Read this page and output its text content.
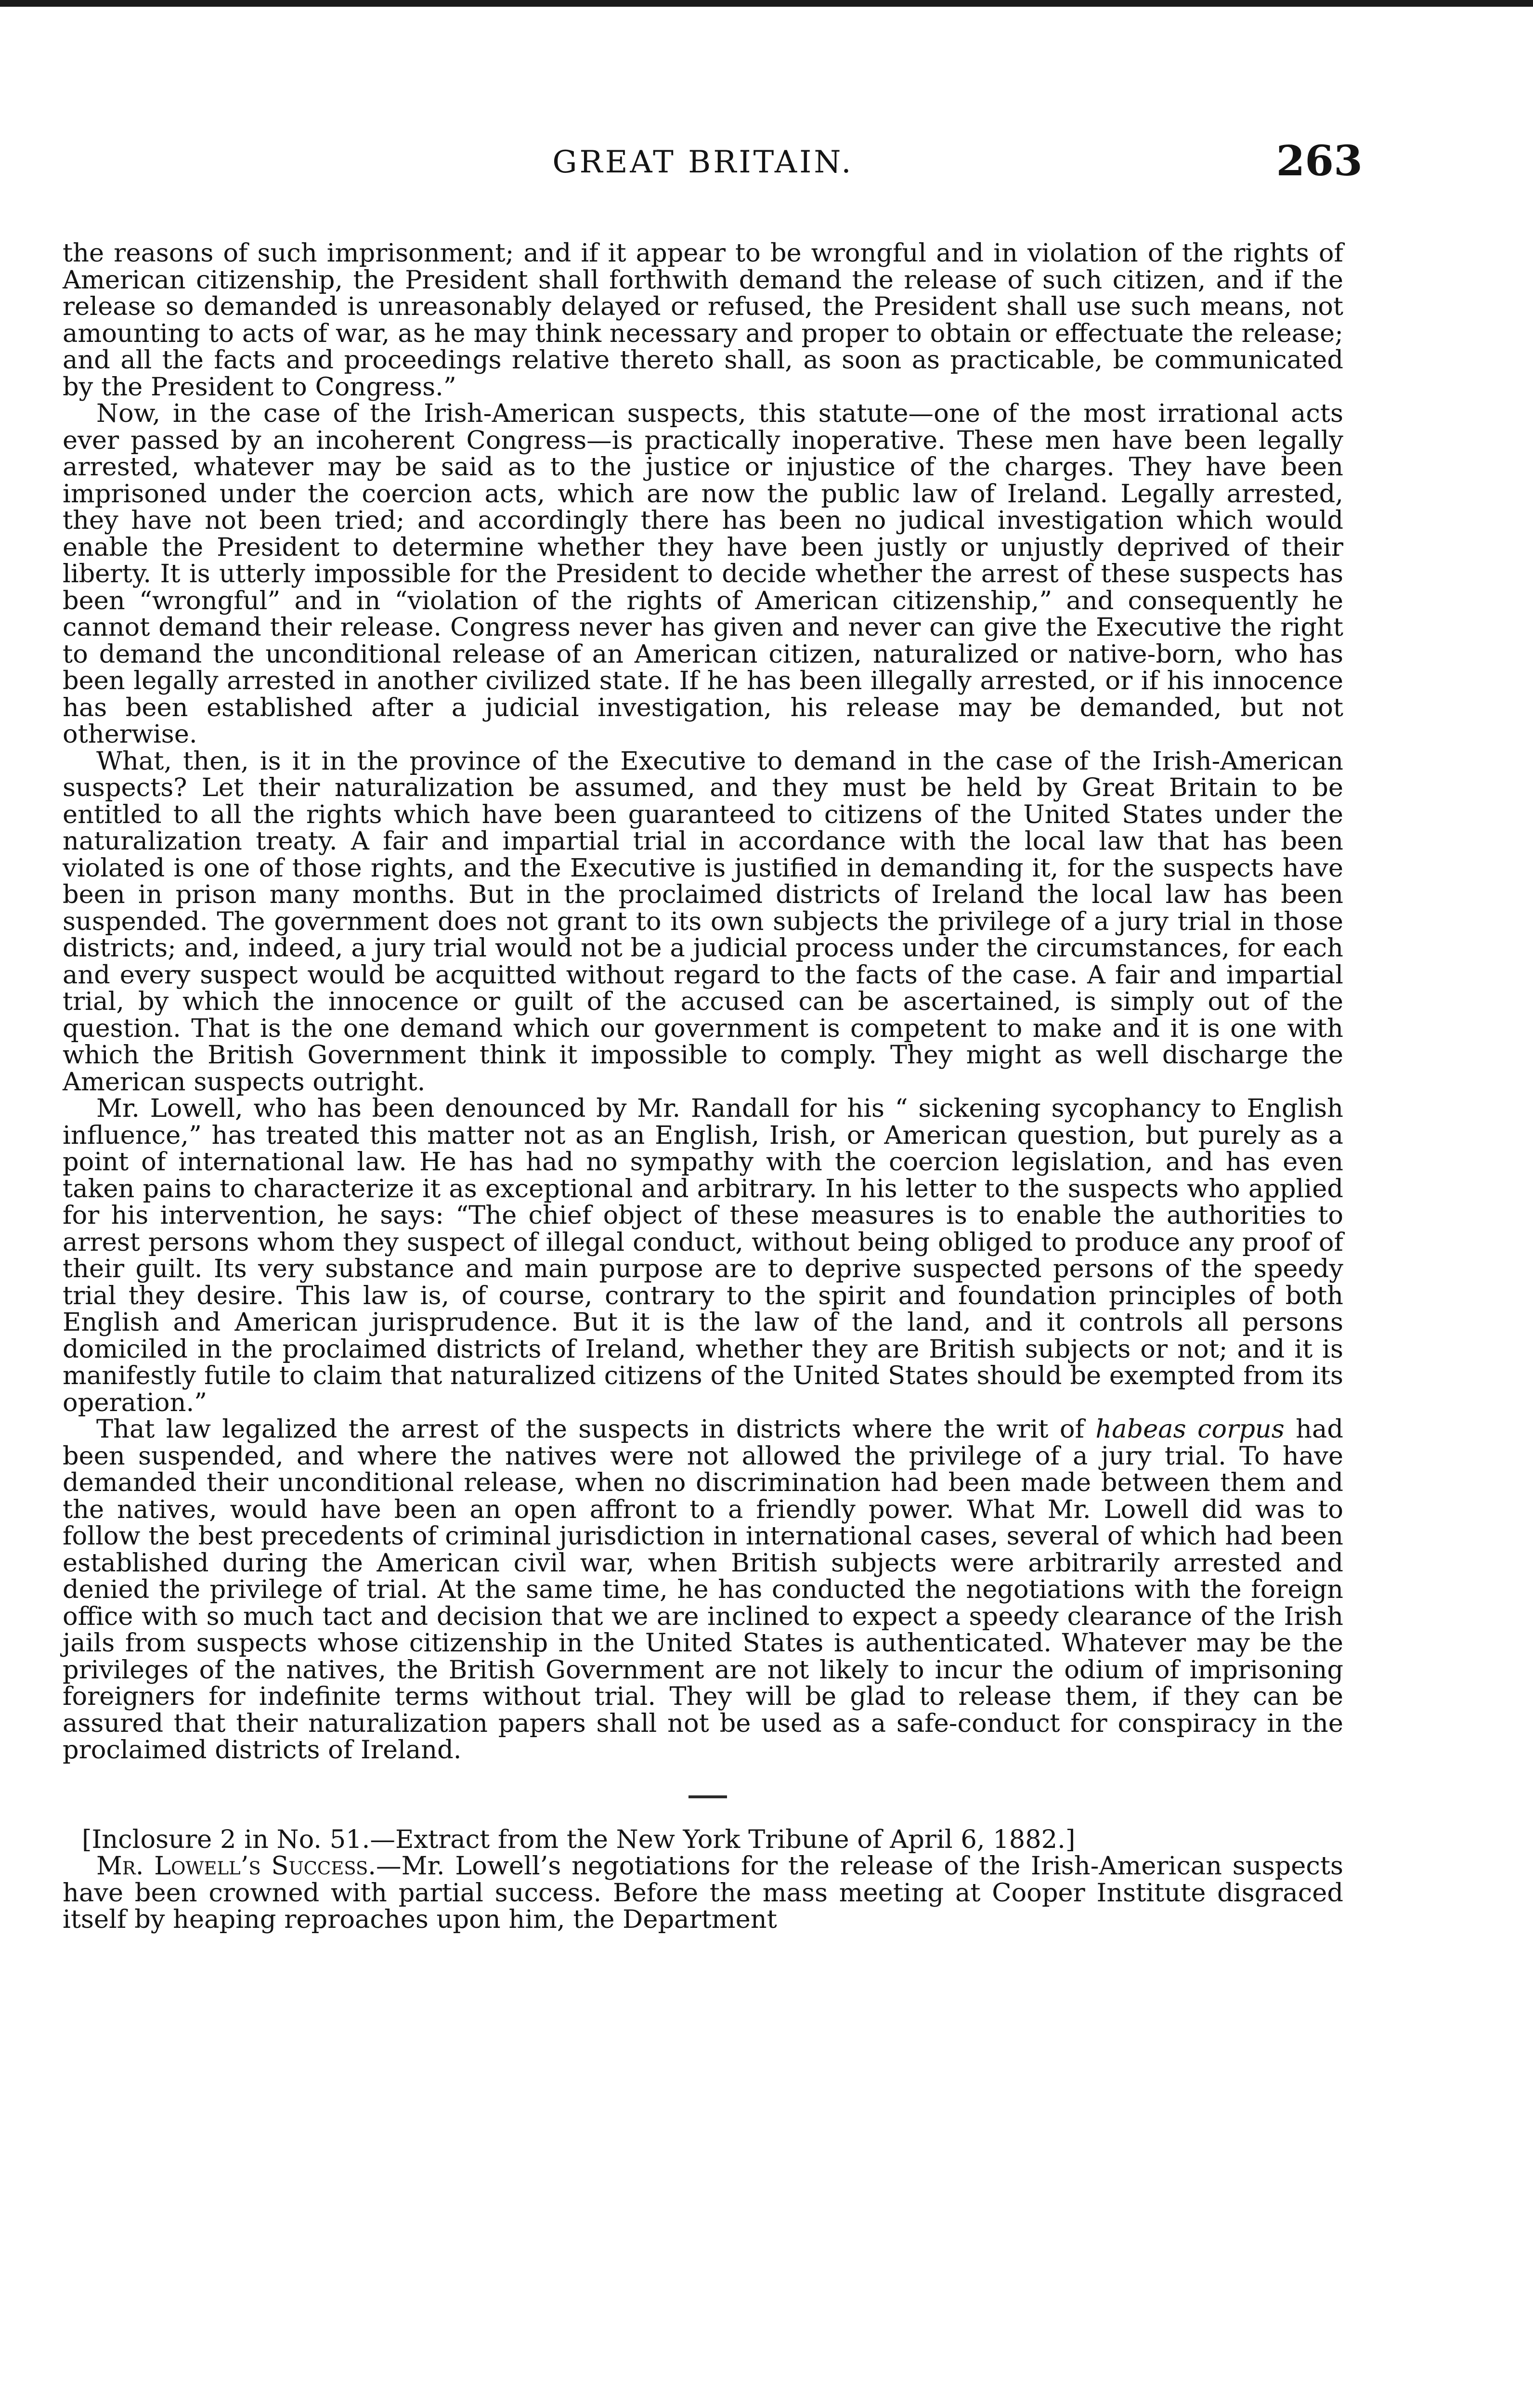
GREAT BRITAIN.	263

the reasons of such imprisonment; and if it appear to be wrongful and in violation of the rights of American citizenship, the President shall forthwith demand the release of such citizen, and if the release so demanded is unreasonably delayed or refused, the President shall use such means, not amounting to acts of war, as he may think necessary and proper to obtain or effectuate the release; and all the facts and proceedings relative thereto shall, as soon as practicable, be communicated by the President to Congress.”

Now, in the case of the Irish-American suspects, this statute—one of the most irrational acts ever passed by an incoherent Congress—is practically inoperative. These men have been legally arrested, whatever may be said as to the justice or injustice of the charges. They have been imprisoned under the coercion acts, which are now the public law of Ireland. Legally arrested, they have not been tried; and accordingly there has been no judical investigation which would enable the President to determine whether they have been justly or unjustly deprived of their liberty. It is utterly impossible for the President to decide whether the arrest of these suspects has been “wrongful” and in “violation of the rights of American citizenship,” and consequently he cannot demand their release. Congress never has given and never can give the Executive the right to demand the unconditional release of an American citizen, naturalized or native-born, who has been legally arrested in another civilized state. If he has been illegally arrested, or if his innocence has been established after a judicial investigation, his release may be demanded, but not otherwise.

What, then, is it in the province of the Executive to demand in the case of the Irish-American suspects? Let their naturalization be assumed, and they must be held by Great Britain to be entitled to all the rights which have been guaranteed to citizens of the United States under the naturalization treaty. A fair and impartial trial in accordance with the local law that has been violated is one of those rights, and the Executive is justified in demanding it, for the suspects have been in prison many months. But in the proclaimed districts of Ireland the local law has been suspended. The government does not grant to its own subjects the privilege of a jury trial in those districts; and, indeed, a jury trial would not be a judicial process under the circumstances, for each and every suspect would be acquitted without regard to the facts of the case. A fair and impartial trial, by which the innocence or guilt of the accused can be ascertained, is simply out of the question. That is the one demand which our government is competent to make and it is one with which the British Government think it impossible to comply. They might as well discharge the American suspects outright.

Mr. Lowell, who has been denounced by Mr. Randall for his “ sickening sycophancy to English influence,” has treated this matter not as an English, Irish, or American question, but purely as a point of international law. He has had no sympathy with the coercion legislation, and has even taken pains to characterize it as exceptional and arbitrary. In his letter to the suspects who applied for his intervention, he says: “The chief object of these measures is to enable the authorities to arrest persons whom they suspect of illegal conduct, without being obliged to produce any proof of their guilt. Its very substance and main purpose are to deprive suspected persons of the speedy trial they desire. This law is, of course, contrary to the spirit and foundation principles of both English and American jurisprudence. But it is the law of the land, and it controls all persons domiciled in the proclaimed districts of Ireland, whether they are British subjects or not; and it is manifestly futile to claim that naturalized citizens of the United States should be exempted from its operation.”

That law legalized the arrest of the suspects in districts where the writ of habeas corpus had been suspended, and where the natives were not allowed the privilege of a jury trial. To have demanded their unconditional release, when no discrimination had been made between them and the natives, would have been an open affront to a friendly power. What Mr. Lowell did was to follow the best precedents of criminal jurisdiction in international cases, several of which had been established during the American civil war, when British subjects were arbitrarily arrested and denied the privilege of trial. At the same time, he has conducted the negotiations with the foreign office with so much tact and decision that we are inclined to expect a speedy clearance of the Irish jails from suspects whose citizenship in the United States is authenticated. Whatever may be the privileges of the natives, the British Government are not likely to incur the odium of imprisoning foreigners for indefinite terms without trial. They will be glad to release them, if they can be assured that their naturalization papers shall not be used as a safe-conduct for conspiracy in the proclaimed districts of Ireland.

[Inclosure 2 in No. 51.—Extract from the New York Tribune of April 6, 1882.]

Mr. Lowell’s Success.—Mr. Lowell’s negotiations for the release of the Irish-American suspects have been crowned with partial success. Before the mass meeting at Cooper Institute disgraced itself by heaping reproaches upon him, the Department
